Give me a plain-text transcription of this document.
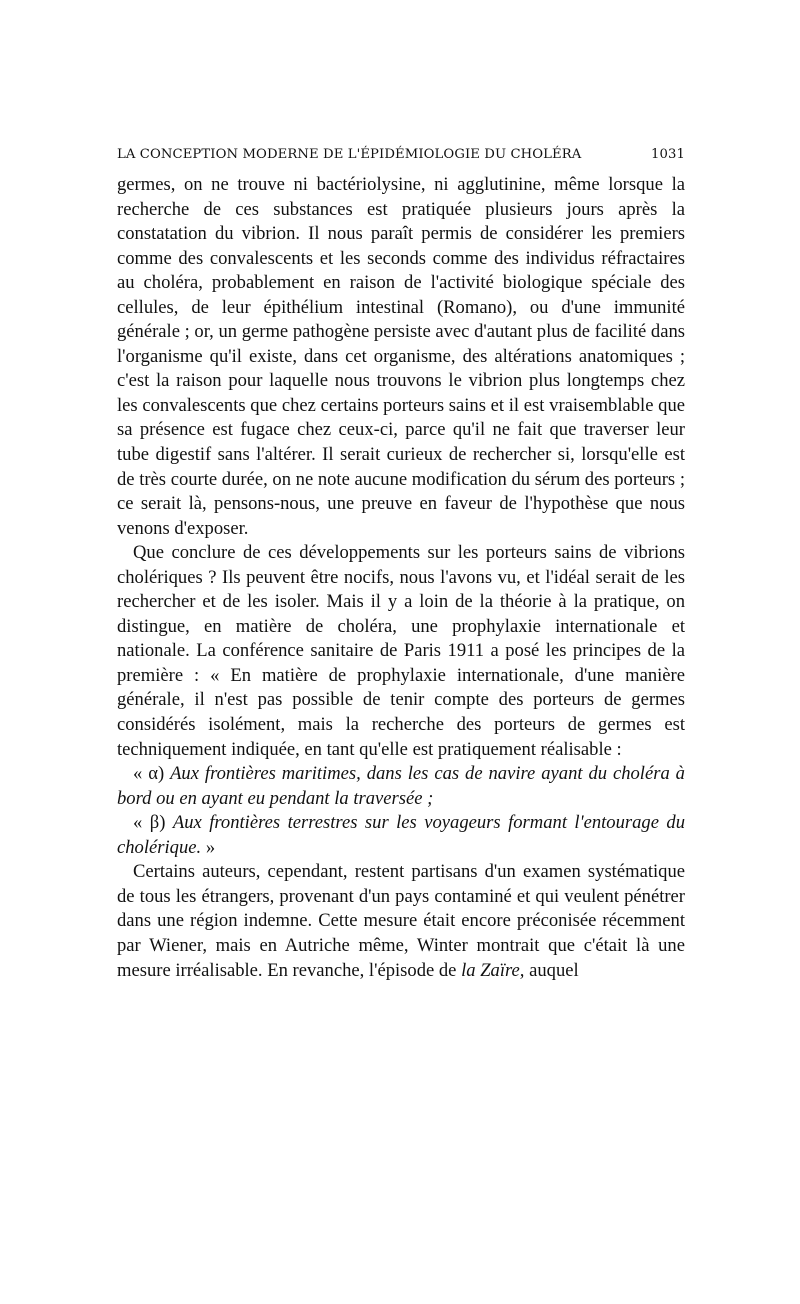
LA CONCEPTION MODERNE DE L'ÉPIDÉMIOLOGIE DU CHOLÉRA	1031

germes, on ne trouve ni bactériolysine, ni agglutinine, même lorsque la recherche de ces substances est pratiquée plusieurs jours après la constatation du vibrion. Il nous paraît permis de considérer les premiers comme des convalescents et les seconds comme des individus réfractaires au choléra, probablement en raison de l'activité biologique spéciale des cellules, de leur épithélium intestinal (Romano), ou d'une immunité générale ; or, un germe pathogène persiste avec d'autant plus de facilité dans l'organisme qu'il existe, dans cet organisme, des altérations anatomiques ; c'est la raison pour laquelle nous trouvons le vibrion plus longtemps chez les convalescents que chez certains porteurs sains et il est vraisemblable que sa présence est fugace chez ceux-ci, parce qu'il ne fait que traverser leur tube digestif sans l'altérer. Il serait curieux de rechercher si, lorsqu'elle est de très courte durée, on ne note aucune modification du sérum des porteurs ; ce serait là, pensons-nous, une preuve en faveur de l'hypothèse que nous venons d'exposer.

Que conclure de ces développements sur les porteurs sains de vibrions cholériques ? Ils peuvent être nocifs, nous l'avons vu, et l'idéal serait de les rechercher et de les isoler. Mais il y a loin de la théorie à la pratique, on distingue, en matière de choléra, une prophylaxie internationale et nationale. La conférence sanitaire de Paris 1911 a posé les principes de la première : « En matière de prophylaxie internationale, d'une manière générale, il n'est pas possible de tenir compte des porteurs de germes considérés isolément, mais la recherche des porteurs de germes est techniquement indiquée, en tant qu'elle est pratiquement réalisable :

« α) Aux frontières maritimes, dans les cas de navire ayant du choléra à bord ou en ayant eu pendant la traversée ;

« β) Aux frontières terrestres sur les voyageurs formant l'entourage du cholérique. »

Certains auteurs, cependant, restent partisans d'un examen systématique de tous les étrangers, provenant d'un pays contaminé et qui veulent pénétrer dans une région indemne. Cette mesure était encore préconisée récemment par Wiener, mais en Autriche même, Winter montrait que c'était là une mesure irréalisable. En revanche, l'épisode de la Zaïre, auquel
